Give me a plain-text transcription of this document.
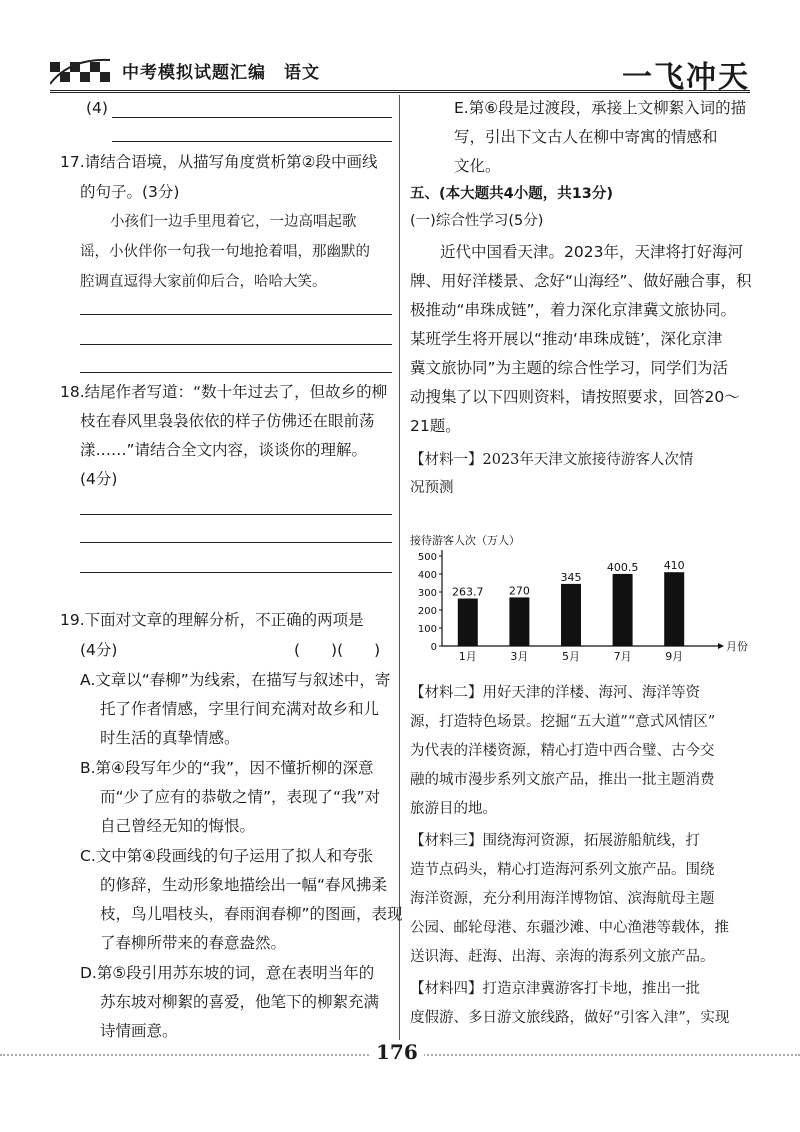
中考模拟试题汇编　语文	一飞冲天
(4)
17.请结合语境，从描写角度赏析第②段中画线
的句子。(3分)
小孩们一边手里甩着它，一边高唱起歌
谣，小伙伴你一句我一句地抢着唱，那幽默的
腔调直逗得大家前仰后合，哈哈大笑。
18.结尾作者写道：“数十年过去了，但故乡的柳
枝在春风里袅袅依依的样子仿佛还在眼前荡
漾……”请结合全文内容，谈谈你的理解。
(4分)
19.下面对文章的理解分析，不正确的两项是
(4分)	(　　)(　　)
A.文章以“春柳”为线索，在描写与叙述中，寄
托了作者情感，字里行间充满对故乡和儿
时生活的真挚情感。
B.第④段写年少的“我”，因不懂折柳的深意
而“少了应有的恭敬之情”，表现了“我”对
自己曾经无知的悔恨。
C.文中第④段画线的句子运用了拟人和夸张
的修辞，生动形象地描绘出一幅“春风拂柔
枝，鸟儿唱枝头，春雨润春柳”的图画，表现
了春柳所带来的春意盎然。
D.第⑤段引用苏东坡的词，意在表明当年的
苏东坡对柳絮的喜爱，他笔下的柳絮充满
诗情画意。
E.第⑥段是过渡段，承接上文柳絮入词的描
写，引出下文古人在柳中寄寓的情感和
文化。
五、(本大题共4小题，共13分)
(一)综合性学习(5分)
近代中国看天津。2023年，天津将打好海河
牌、用好洋楼景、念好“山海经”、做好融合事，积
极推动“串珠成链”，着力深化京津冀文旅协同。
某班学生将开展以“推动‘串珠成链’，深化京津
冀文旅协同”为主题的综合性学习，同学们为活
动搜集了以下四则资料，请按照要求，回答20～
21题。
【材料一】2023年天津文旅接待游客人次情
况预测
接待游客人次（万人）
月份
0
100
200
300
400
500
263.7
1月
270
3月
345
5月
400.5
7月
410
9月
【材料二】用好天津的洋楼、海河、海洋等资
源，打造特色场景。挖掘“五大道”“意式风情区”
为代表的洋楼资源，精心打造中西合璧、古今交
融的城市漫步系列文旅产品，推出一批主题消费
旅游目的地。
【材料三】围绕海河资源，拓展游船航线，打
造节点码头，精心打造海河系列文旅产品。围绕
海洋资源，充分利用海洋博物馆、滨海航母主题
公园、邮轮母港、东疆沙滩、中心渔港等载体，推
送识海、赶海、出海、亲海的海系列文旅产品。
【材料四】打造京津冀游客打卡地，推出一批
度假游、多日游文旅线路，做好“引客入津”，实现
176
